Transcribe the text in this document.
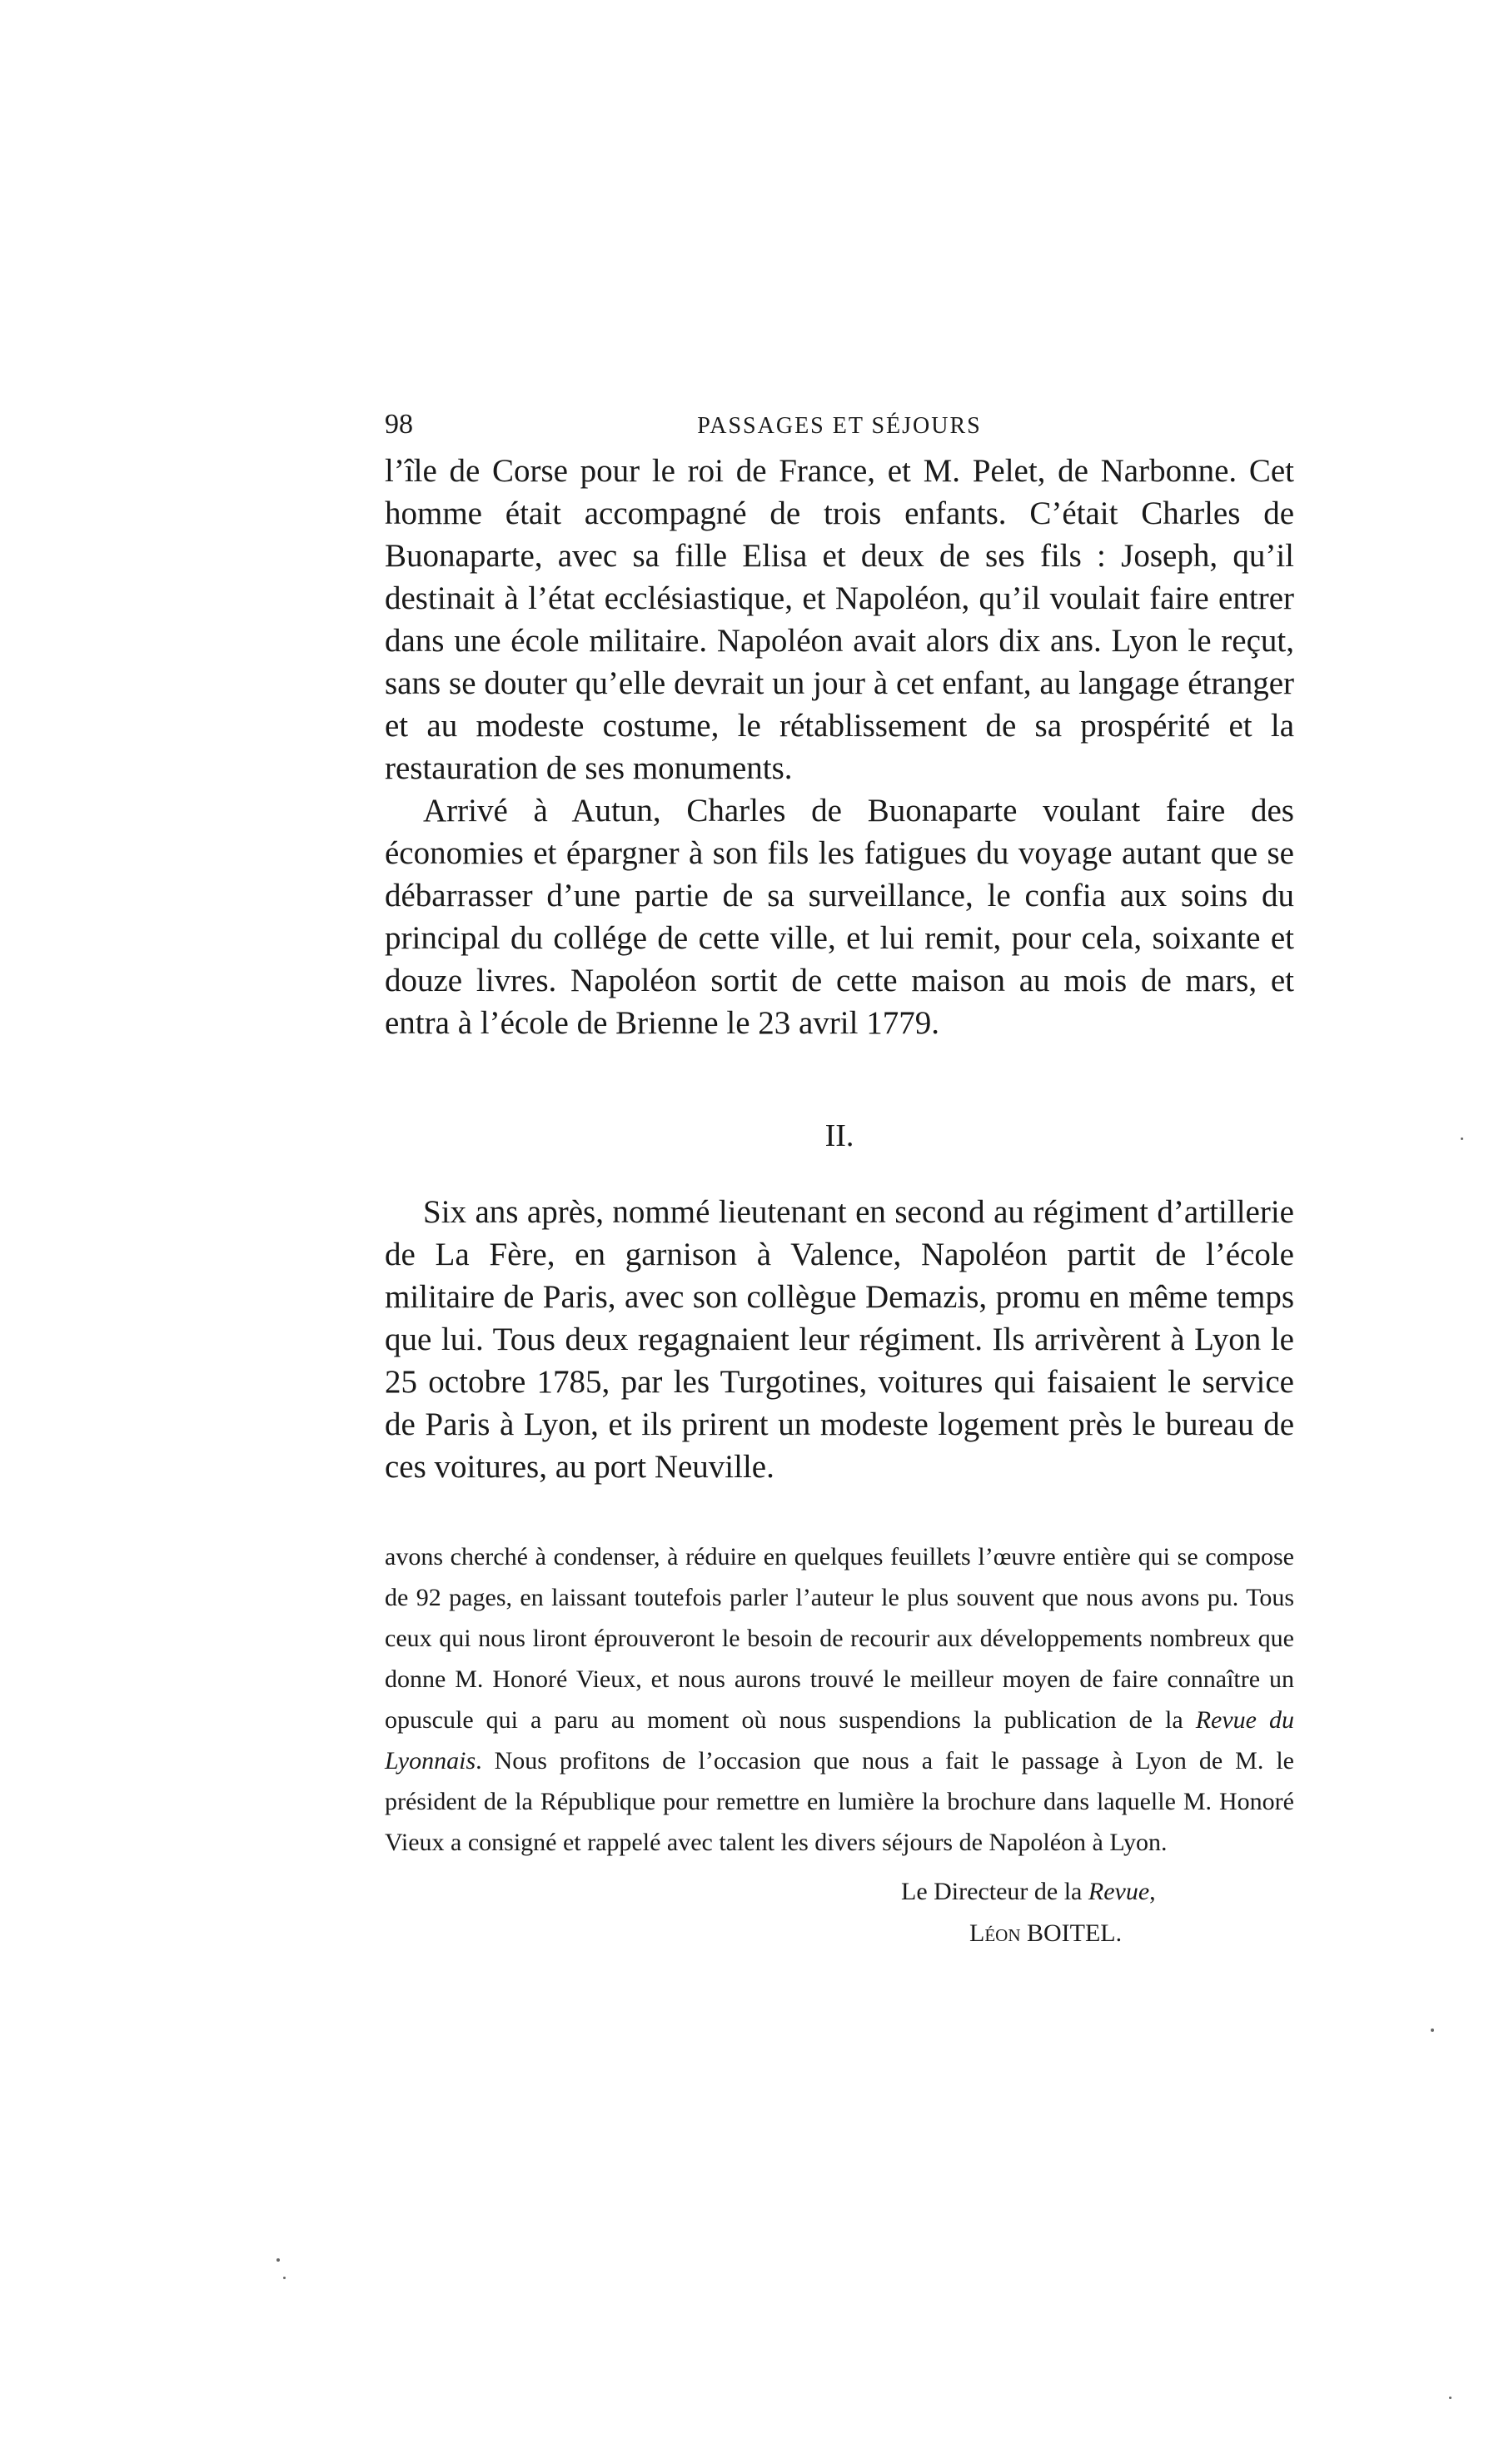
98	PASSAGES ET SÉJOURS

l’île de Corse pour le roi de France, et M. Pelet, de Narbonne. Cet homme était accompagné de trois enfants. C’était Charles de Buonaparte, avec sa fille Elisa et deux de ses fils : Joseph, qu’il destinait à l’état ecclésiastique, et Napoléon, qu’il voulait faire entrer dans une école militaire. Napoléon avait alors dix ans. Lyon le reçut, sans se douter qu’elle devrait un jour à cet enfant, au langage étranger et au modeste costume, le rétablissement de sa prospérité et la restauration de ses monuments.

Arrivé à Autun, Charles de Buonaparte voulant faire des économies et épargner à son fils les fatigues du voyage autant que se débarrasser d’une partie de sa surveillance, le confia aux soins du principal du collége de cette ville, et lui remit, pour cela, soixante et douze livres. Napoléon sortit de cette maison au mois de mars, et entra à l’école de Brienne le 23 avril 1779.

II.

Six ans après, nommé lieutenant en second au régiment d’artillerie de La Fère, en garnison à Valence, Napoléon partit de l’école militaire de Paris, avec son collègue Demazis, promu en même temps que lui. Tous deux regagnaient leur régiment. Ils arrivèrent à Lyon le 25 octobre 1785, par les Turgotines, voitures qui faisaient le service de Paris à Lyon, et ils prirent un modeste logement près le bureau de ces voitures, au port Neuville.

avons cherché à condenser, à réduire en quelques feuillets l’œuvre entière qui se compose de 92 pages, en laissant toutefois parler l’auteur le plus souvent que nous avons pu. Tous ceux qui nous liront éprouveront le besoin de recourir aux développements nombreux que donne M. Honoré Vieux, et nous aurons trouvé le meilleur moyen de faire connaître un opuscule qui a paru au moment où nous suspendions la publication de la Revue du Lyonnais. Nous profitons de l’occasion que nous a fait le passage à Lyon de M. le président de la République pour remettre en lumière la brochure dans laquelle M. Honoré Vieux a consigné et rappelé avec talent les divers séjours de Napoléon à Lyon.

Le Directeur de la Revue,
Léon BOITEL.
